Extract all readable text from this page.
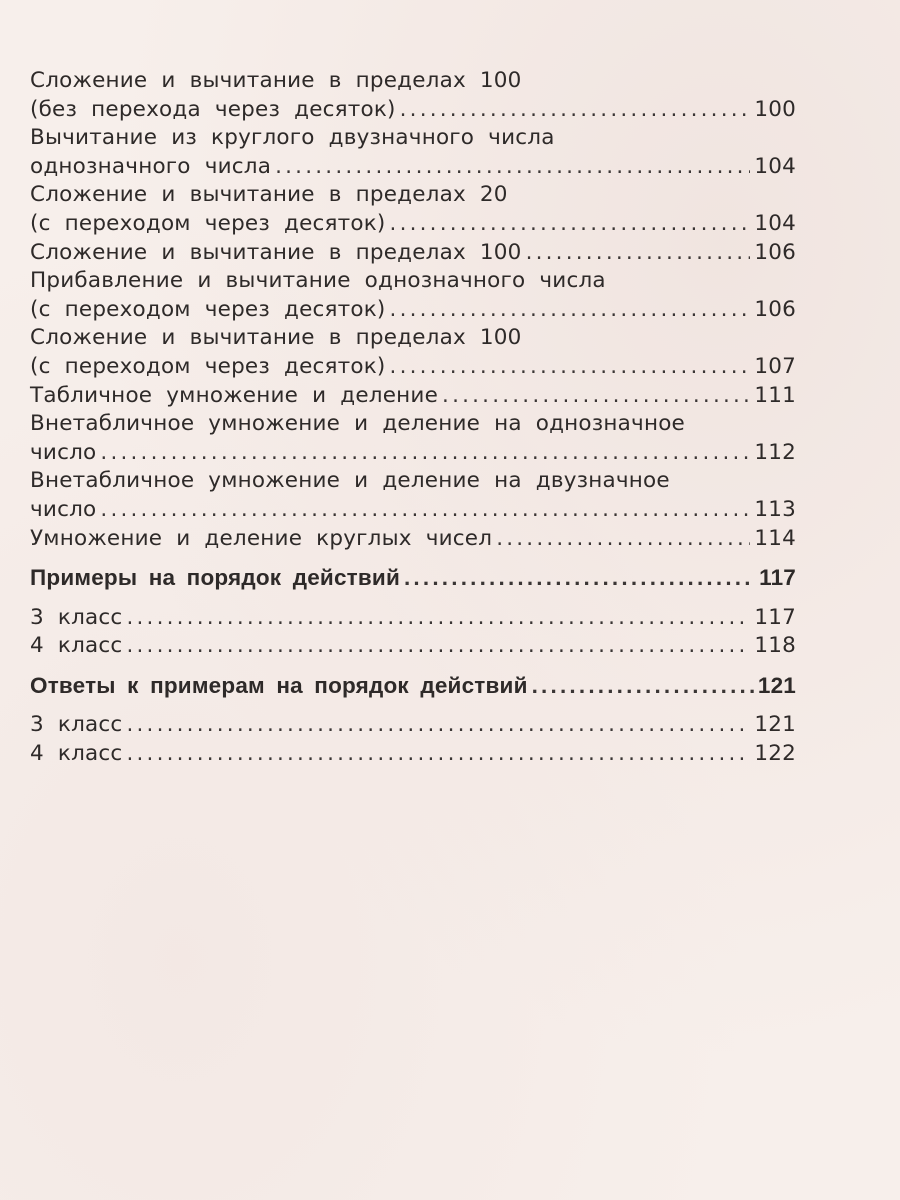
Сложение и вычитание в пределах 100
(без перехода через десяток) .....	100
Вычитание из круглого двузначного числа
однозначного числа .....	104
Сложение и вычитание в пределах 20
(с переходом через десяток) .....	104
Сложение и вычитание в пределах 100 .....	106
Прибавление и вычитание однозначного числа
(с переходом через десяток) .....	106
Сложение и вычитание в пределах 100
(с переходом через десяток) .....	107
Табличное умножение и деление .....	111
Внетабличное умножение и деление на однозначное
число .....	112
Внетабличное умножение и деление на двузначное
число .....	113
Умножение и деление круглых чисел .....	114
Примеры на порядок действий .....	117
3 класс .....	117
4 класс .....	118
Ответы к примерам на порядок действий .....	121
3 класс .....	121
4 класс .....	122
